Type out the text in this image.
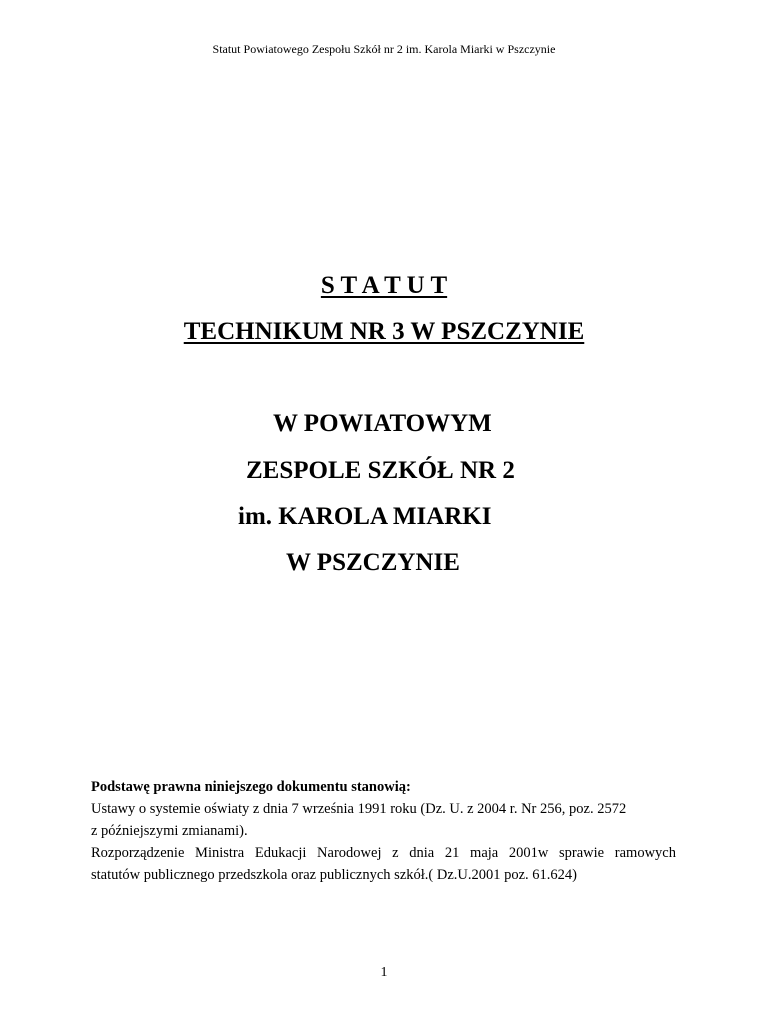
Statut Powiatowego Zespołu Szkół nr 2 im. Karola Miarki w Pszczynie
S T A T U T
TECHNIKUM NR 3 W PSZCZYNIE
W POWIATOWYM
ZESPOLE SZKÓŁ NR 2
im. KAROLA MIARKI
W PSZCZYNIE

Podstawę prawna niniejszego dokumentu stanowią:

Ustawy o systemie oświaty z dnia 7 września 1991 roku (Dz. U. z 2004 r. Nr 256, poz. 2572

z późniejszymi zmianami).

Rozporządzenie Ministra Edukacji Narodowej z dnia 21 maja 2001w sprawie ramowych

statutów publicznego przedszkola oraz publicznych szkół.( Dz.U.2001 poz. 61.624)

1
